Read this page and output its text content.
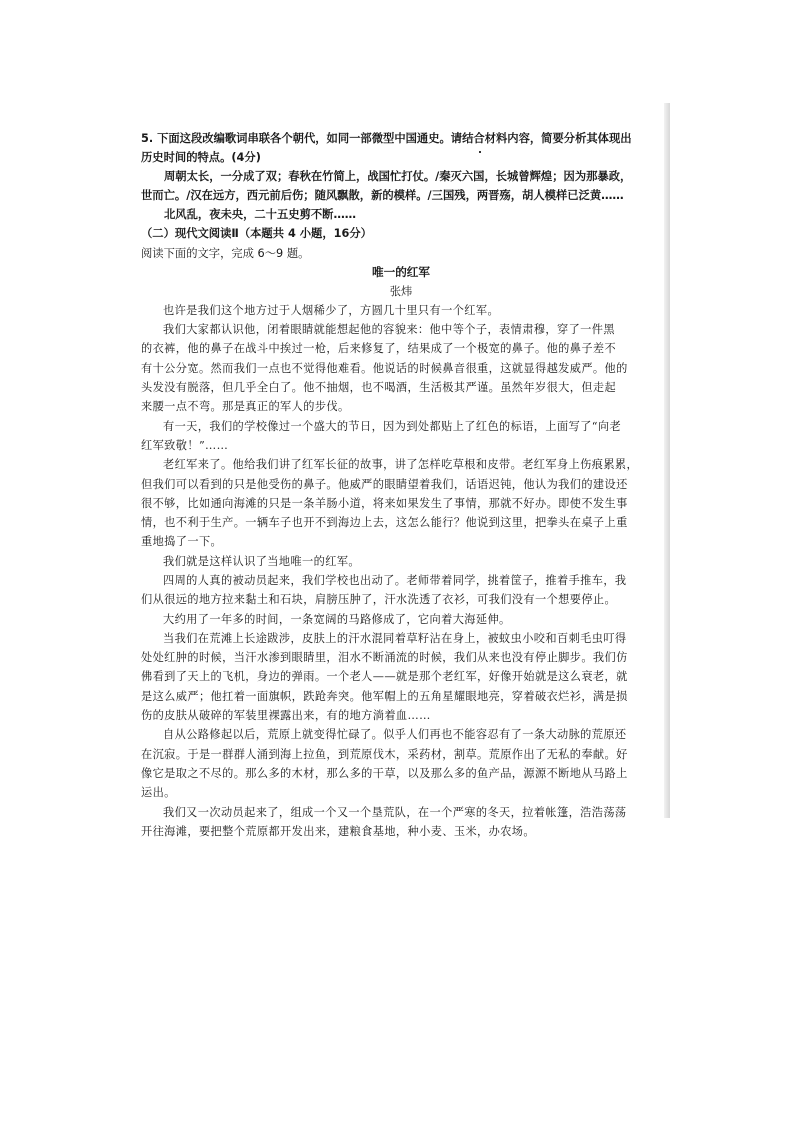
5. 下面这段改编歌词串联各个朝代，如同一部微型中国通史。请结合材料内容，简要分析其体现出
历史时间的特点。(4分)
周朝太长，一分成了双；春秋在竹简上，战国忙打仗。/秦灭六国，长城曾辉煌；因为那暴政，
世而亡。/汉在远方，西元前后伤；随风飘散，新的模样。/三国残，两晋殇，胡人模样已泛黄……
北风乱，夜未央，二十五史剪不断……
（二）现代文阅读Ⅱ（本题共 4 小题，16分）
阅读下面的文字，完成 6～9 题。
唯一的红军
张炜
也许是我们这个地方过于人烟稀少了，方圆几十里只有一个红军。
我们大家都认识他，闭着眼睛就能想起他的容貌来：他中等个子，表情肃穆，穿了一件黑
的衣裤，他的鼻子在战斗中挨过一枪，后来修复了，结果成了一个极宽的鼻子。他的鼻子差不
有十公分宽。然而我们一点也不觉得他难看。他说话的时候鼻音很重，这就显得越发威严。他的
头发没有脱落，但几乎全白了。他不抽烟，也不喝酒，生活极其严谨。虽然年岁很大，但走起
来腰一点不弯。那是真正的军人的步伐。
有一天，我们的学校像过一个盛大的节日，因为到处都贴上了红色的标语，上面写了“向老
红军致敬！”……
老红军来了。他给我们讲了红军长征的故事，讲了怎样吃草根和皮带。老红军身上伤痕累累，
但我们可以看到的只是他受伤的鼻子。他威严的眼睛望着我们，话语迟钝，他认为我们的建设还
很不够，比如通向海滩的只是一条羊肠小道，将来如果发生了事情，那就不好办。即使不发生事
情，也不利于生产。一辆车子也开不到海边上去，这怎么能行？他说到这里，把拳头在桌子上重
重地捣了一下。
我们就是这样认识了当地唯一的红军。
四周的人真的被动员起来，我们学校也出动了。老师带着同学，挑着筐子，推着手推车，我
们从很远的地方拉来黏土和石块，肩膀压肿了，汗水洗透了衣衫，可我们没有一个想要停止。
大约用了一年多的时间，一条宽阔的马路修成了，它向着大海延伸。
当我们在荒滩上长途跋涉，皮肤上的汗水混同着草籽沾在身上，被蚊虫小咬和百刺毛虫叮得
处处红肿的时候，当汗水渗到眼睛里，泪水不断涌流的时候，我们从来也没有停止脚步。我们仿
佛看到了天上的飞机，身边的弹雨。一个老人——就是那个老红军，好像开始就是这么衰老，就
是这么威严；他扛着一面旗帜，跌跄奔突。他军帽上的五角星耀眼地亮，穿着破衣烂衫，满是损
伤的皮肤从破碎的军装里裸露出来，有的地方淌着血……
自从公路修起以后，荒原上就变得忙碌了。似乎人们再也不能容忍有了一条大动脉的荒原还
在沉寂。于是一群群人涌到海上拉鱼，到荒原伐木，采药材，割草。荒原作出了无私的奉献。好
像它是取之不尽的。那么多的木材，那么多的干草，以及那么多的鱼产品，源源不断地从马路上
运出。
我们又一次动员起来了，组成一个又一个垦荒队，在一个严寒的冬天，拉着帐篷，浩浩荡荡
开往海滩，要把整个荒原都开发出来，建粮食基地，种小麦、玉米，办农场。
